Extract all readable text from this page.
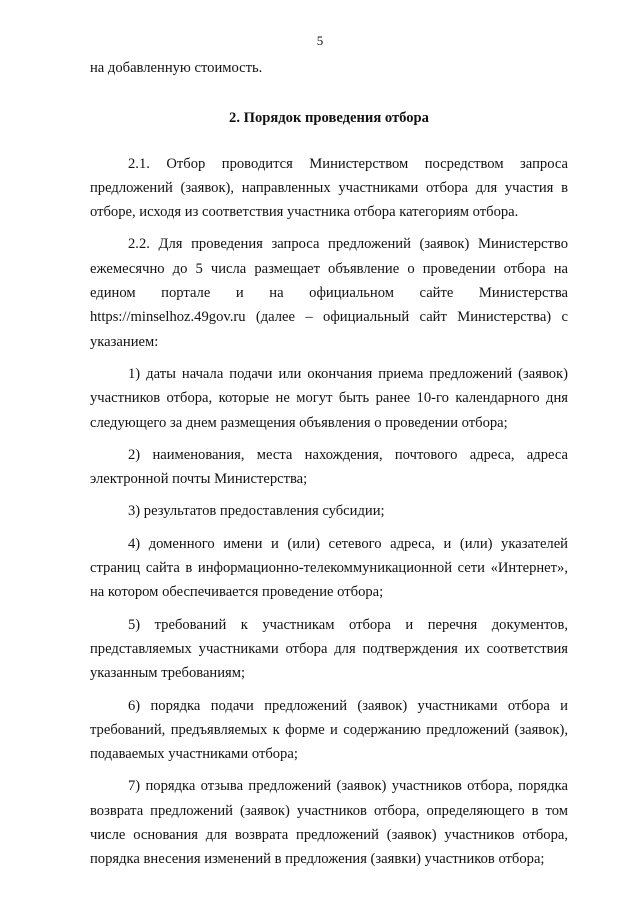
5

на добавленную стоимость.

2. Порядок проведения отбора

2.1. Отбор проводится Министерством посредством запроса предложений (заявок), направленных участниками отбора для участия в отборе, исходя из соответствия участника отбора категориям отбора.

2.2. Для проведения запроса предложений (заявок) Министерство ежемесячно до 5 числа размещает объявление о проведении отбора на едином портале и на официальном сайте Министерства https://minselhoz.49gov.ru (далее – официальный сайт Министерства) с указанием:

1) даты начала подачи или окончания приема предложений (заявок) участников отбора, которые не могут быть ранее 10-го календарного дня следующего за днем размещения объявления о проведении отбора;

2) наименования, места нахождения, почтового адреса, адреса электронной почты Министерства;

3) результатов предоставления субсидии;

4) доменного имени и (или) сетевого адреса, и (или) указателей страниц сайта в информационно-телекоммуникационной сети «Интернет», на котором обеспечивается проведение отбора;

5) требований к участникам отбора и перечня документов, представляемых участниками отбора для подтверждения их соответствия указанным требованиям;

6) порядка подачи предложений (заявок) участниками отбора и требований, предъявляемых к форме и содержанию предложений (заявок), подаваемых участниками отбора;

7) порядка отзыва предложений (заявок) участников отбора, порядка возврата предложений (заявок) участников отбора, определяющего в том числе основания для возврата предложений (заявок) участников отбора, порядка внесения изменений в предложения (заявки) участников отбора;
